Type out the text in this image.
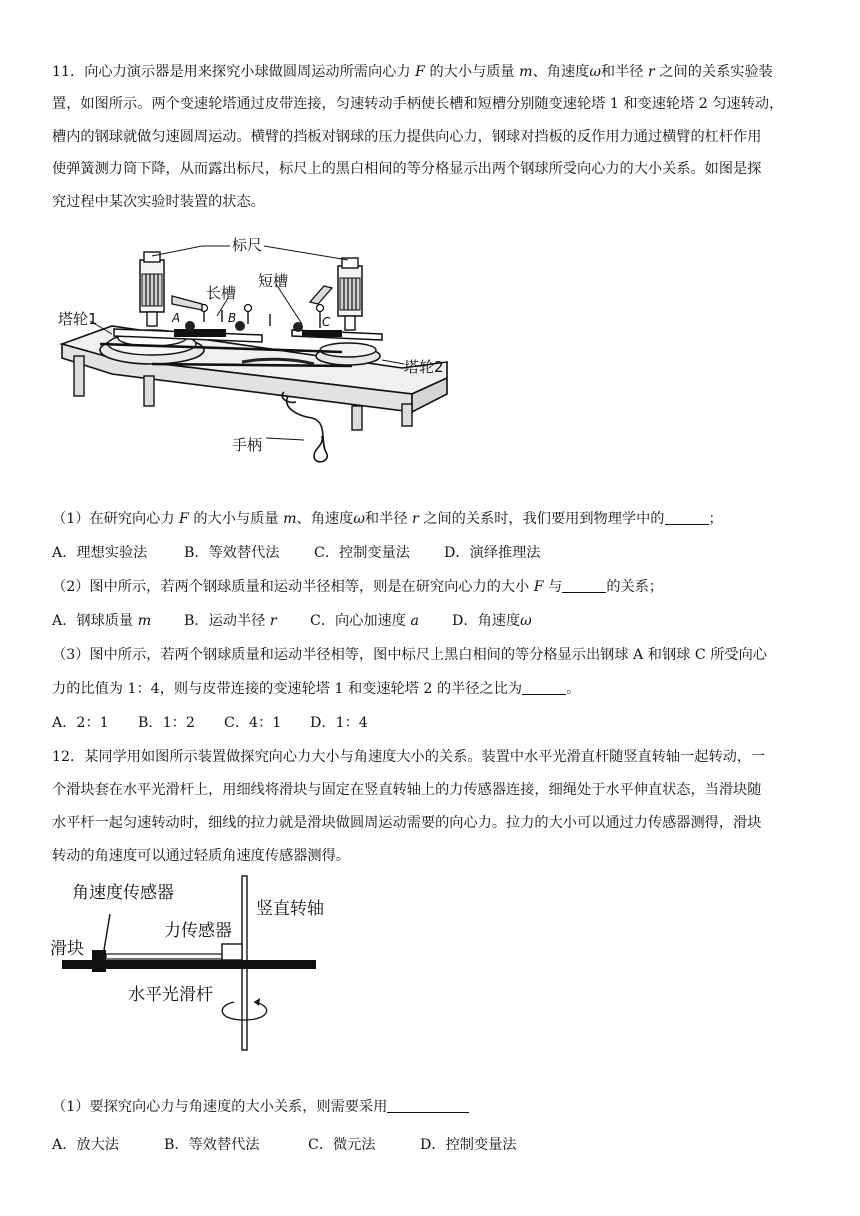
11．向心力演示器是用来探究小球做圆周运动所需向心力 F 的大小与质量 m、角速度ω和半径 r 之间的关系实验装

置，如图所示。两个变速轮塔通过皮带连接，匀速转动手柄使长槽和短槽分别随变速轮塔 1 和变速轮塔 2 匀速转动，

槽内的钢球就做匀速圆周运动。横臂的挡板对钢球的压力提供向心力，钢球对挡板的反作用力通过横臂的杠杆作用

使弹簧测力筒下降，从而露出标尺，标尺上的黑白相间的等分格显示出两个钢球所受向心力的大小关系。如图是探

究过程中某次实验时装置的状态。

标尺
长槽
短槽
塔轮1
塔轮2
手柄
A	B	C

（1）在研究向心力 F 的大小与质量 m、角速度ω和半径 r 之间的关系时，我们要用到物理学中的	；

A．理想实验法	B．等效替代法 C．控制变量法 D．演绎推理法

（2）图中所示，若两个钢球质量和运动半径相等，则是在研究向心力的大小 F 与	的关系；

A．钢球质量 m B．运动半径 r C．向心加速度 a D．角速度ω

（3）图中所示，若两个钢球质量和运动半径相等，图中标尺上黑白相间的等分格显示出钢球 A 和钢球 C 所受向心

力的比值为 1：4，则与皮带连接的变速轮塔 1 和变速轮塔 2 的半径之比为	。

A．2：1 B．1：2 C．4：1 D．1：4

12．某同学用如图所示装置做探究向心力大小与角速度大小的关系。装置中水平光滑直杆随竖直转轴一起转动，一

个滑块套在水平光滑杆上，用细线将滑块与固定在竖直转轴上的力传感器连接，细绳处于水平伸直状态，当滑块随

水平杆一起匀速转动时，细线的拉力就是滑块做圆周运动需要的向心力。拉力的大小可以通过力传感器测得，滑块

转动的角速度可以通过轻质角速度传感器测得。

角速度传感器
竖直转轴
力传感器
滑块
水平光滑杆

（1）要探究向心力与角速度的大小关系，则需要采用

A．放大法	B．等效替代法	C．微元法	D．控制变量法
